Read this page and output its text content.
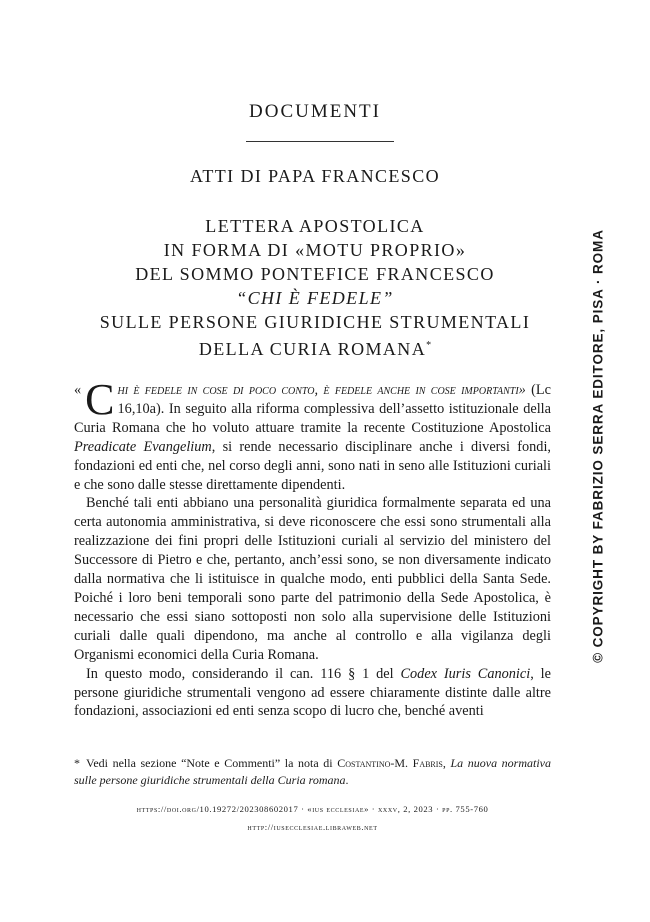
DOCUMENTI
ATTI DI PAPA FRANCESCO
LETTERA APOSTOLICA
IN FORMA DI «MOTU PROPRIO»
DEL SOMMO PONTEFICE FRANCESCO
“CHI È FEDELE”
SULLE PERSONE GIURIDICHE STRUMENTALI
DELLA CURIA ROMANA*

« C hi è fedele in cose di poco conto, è fedele anche in cose importanti» (Lc 16,10a). In seguito alla riforma complessiva dell’assetto istituzionale della Curia Romana che ho voluto attuare tramite la recente Costituzione Apostolica Preadicate Evangelium, si rende necessario disciplinare anche i diversi fondi, fondazioni ed enti che, nel corso degli anni, sono nati in seno alle Istituzioni curiali e che sono dalle stesse direttamente dipendenti.

Benché tali enti abbiano una personalità giuridica formalmente separata ed una certa autonomia amministrativa, si deve riconoscere che essi sono strumentali alla realizzazione dei fini propri delle Istituzioni curiali al servizio del ministero del Successore di Pietro e che, pertanto, anch’essi sono, se non diversamente indicato dalla normativa che li istituisce in qualche modo, enti pubblici della Santa Sede. Poiché i loro beni temporali sono parte del patrimonio della Sede Apostolica, è necessario che essi siano sottoposti non solo alla supervisione delle Istituzioni curiali dalle quali dipendono, ma anche al controllo e alla vigilanza degli Organismi economici della Curia Romana.

In questo modo, considerando il can. 116 § 1 del Codex Iuris Canonici, le persone giuridiche strumentali vengono ad essere chiaramente distinte dalle altre fondazioni, associazioni ed enti senza scopo di lucro che, benché aventi

* Vedi nella sezione “Note e Commenti” la nota di Costantino-M. Fabris, La nuova normativa sulle persone giuridiche strumentali della Curia romana.
https://doi.org/10.19272/202308602017 · «ius ecclesiae» · xxxv, 2, 2023 · pp. 755-760
http://iusecclesiae.libraweb.net
© COPYRIGHT BY FABRIZIO SERRA EDITORE, PISA · ROMA
